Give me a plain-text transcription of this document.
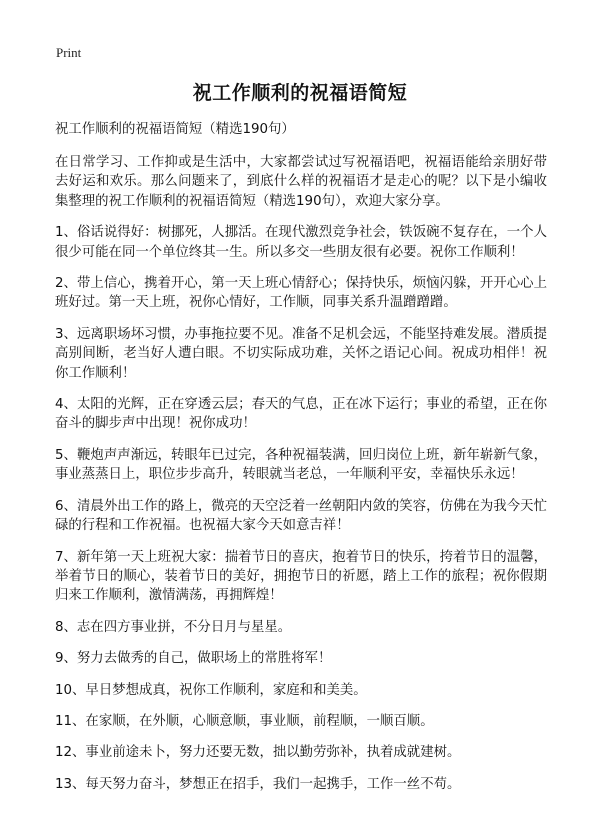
Print
祝工作顺利的祝福语简短

祝工作顺利的祝福语简短（精选190句）

在日常学习、工作抑或是生活中，大家都尝试过写祝福语吧，祝福语能给亲朋好带去好运和欢乐。那么问题来了，到底什么样的祝福语才是走心的呢？以下是小编收集整理的祝工作顺利的祝福语简短（精选190句），欢迎大家分享。

1、俗话说得好：树挪死，人挪活。在现代激烈竞争社会，铁饭碗不复存在，一个人很少可能在同一个单位终其一生。所以多交一些朋友很有必要。祝你工作顺利！

2、带上信心，携着开心，第一天上班心情舒心；保持快乐，烦恼闪躲，开开心心上班好过。第一天上班，祝你心情好，工作顺，同事关系升温蹭蹭蹭。

3、远离职场坏习惯，办事拖拉要不见。准备不足机会远，不能坚持难发展。潜质提高别间断，老当好人遭白眼。不切实际成功难，关怀之语记心间。祝成功相伴！祝你工作顺利！

4、太阳的光辉，正在穿透云层；春天的气息，正在冰下运行；事业的希望，正在你奋斗的脚步声中出现！祝你成功！

5、鞭炮声声渐远，转眼年已过完，各种祝福装满，回归岗位上班，新年崭新气象，事业蒸蒸日上，职位步步高升，转眼就当老总，一年顺利平安，幸福快乐永远！

6、清晨外出工作的路上，微亮的天空泛着一丝朝阳内敛的笑容，仿佛在为我今天忙碌的行程和工作祝福。也祝福大家今天如意吉祥！

7、新年第一天上班祝大家：揣着节日的喜庆，抱着节日的快乐，挎着节日的温馨，举着节日的顺心，装着节日的美好，拥抱节日的祈愿，踏上工作的旅程；祝你假期归来工作顺利，激情满荡，再拥辉煌！

8、志在四方事业拼，不分日月与星星。

9、努力去做秀的自己，做职场上的常胜将军！

10、早日梦想成真，祝你工作顺利，家庭和和美美。

11、在家顺，在外顺，心顺意顺，事业顺，前程顺，一顺百顺。

12、事业前途未卜，努力还要无数，拙以勤劳弥补，执着成就建树。

13、每天努力奋斗，梦想正在招手，我们一起携手，工作一丝不苟。
